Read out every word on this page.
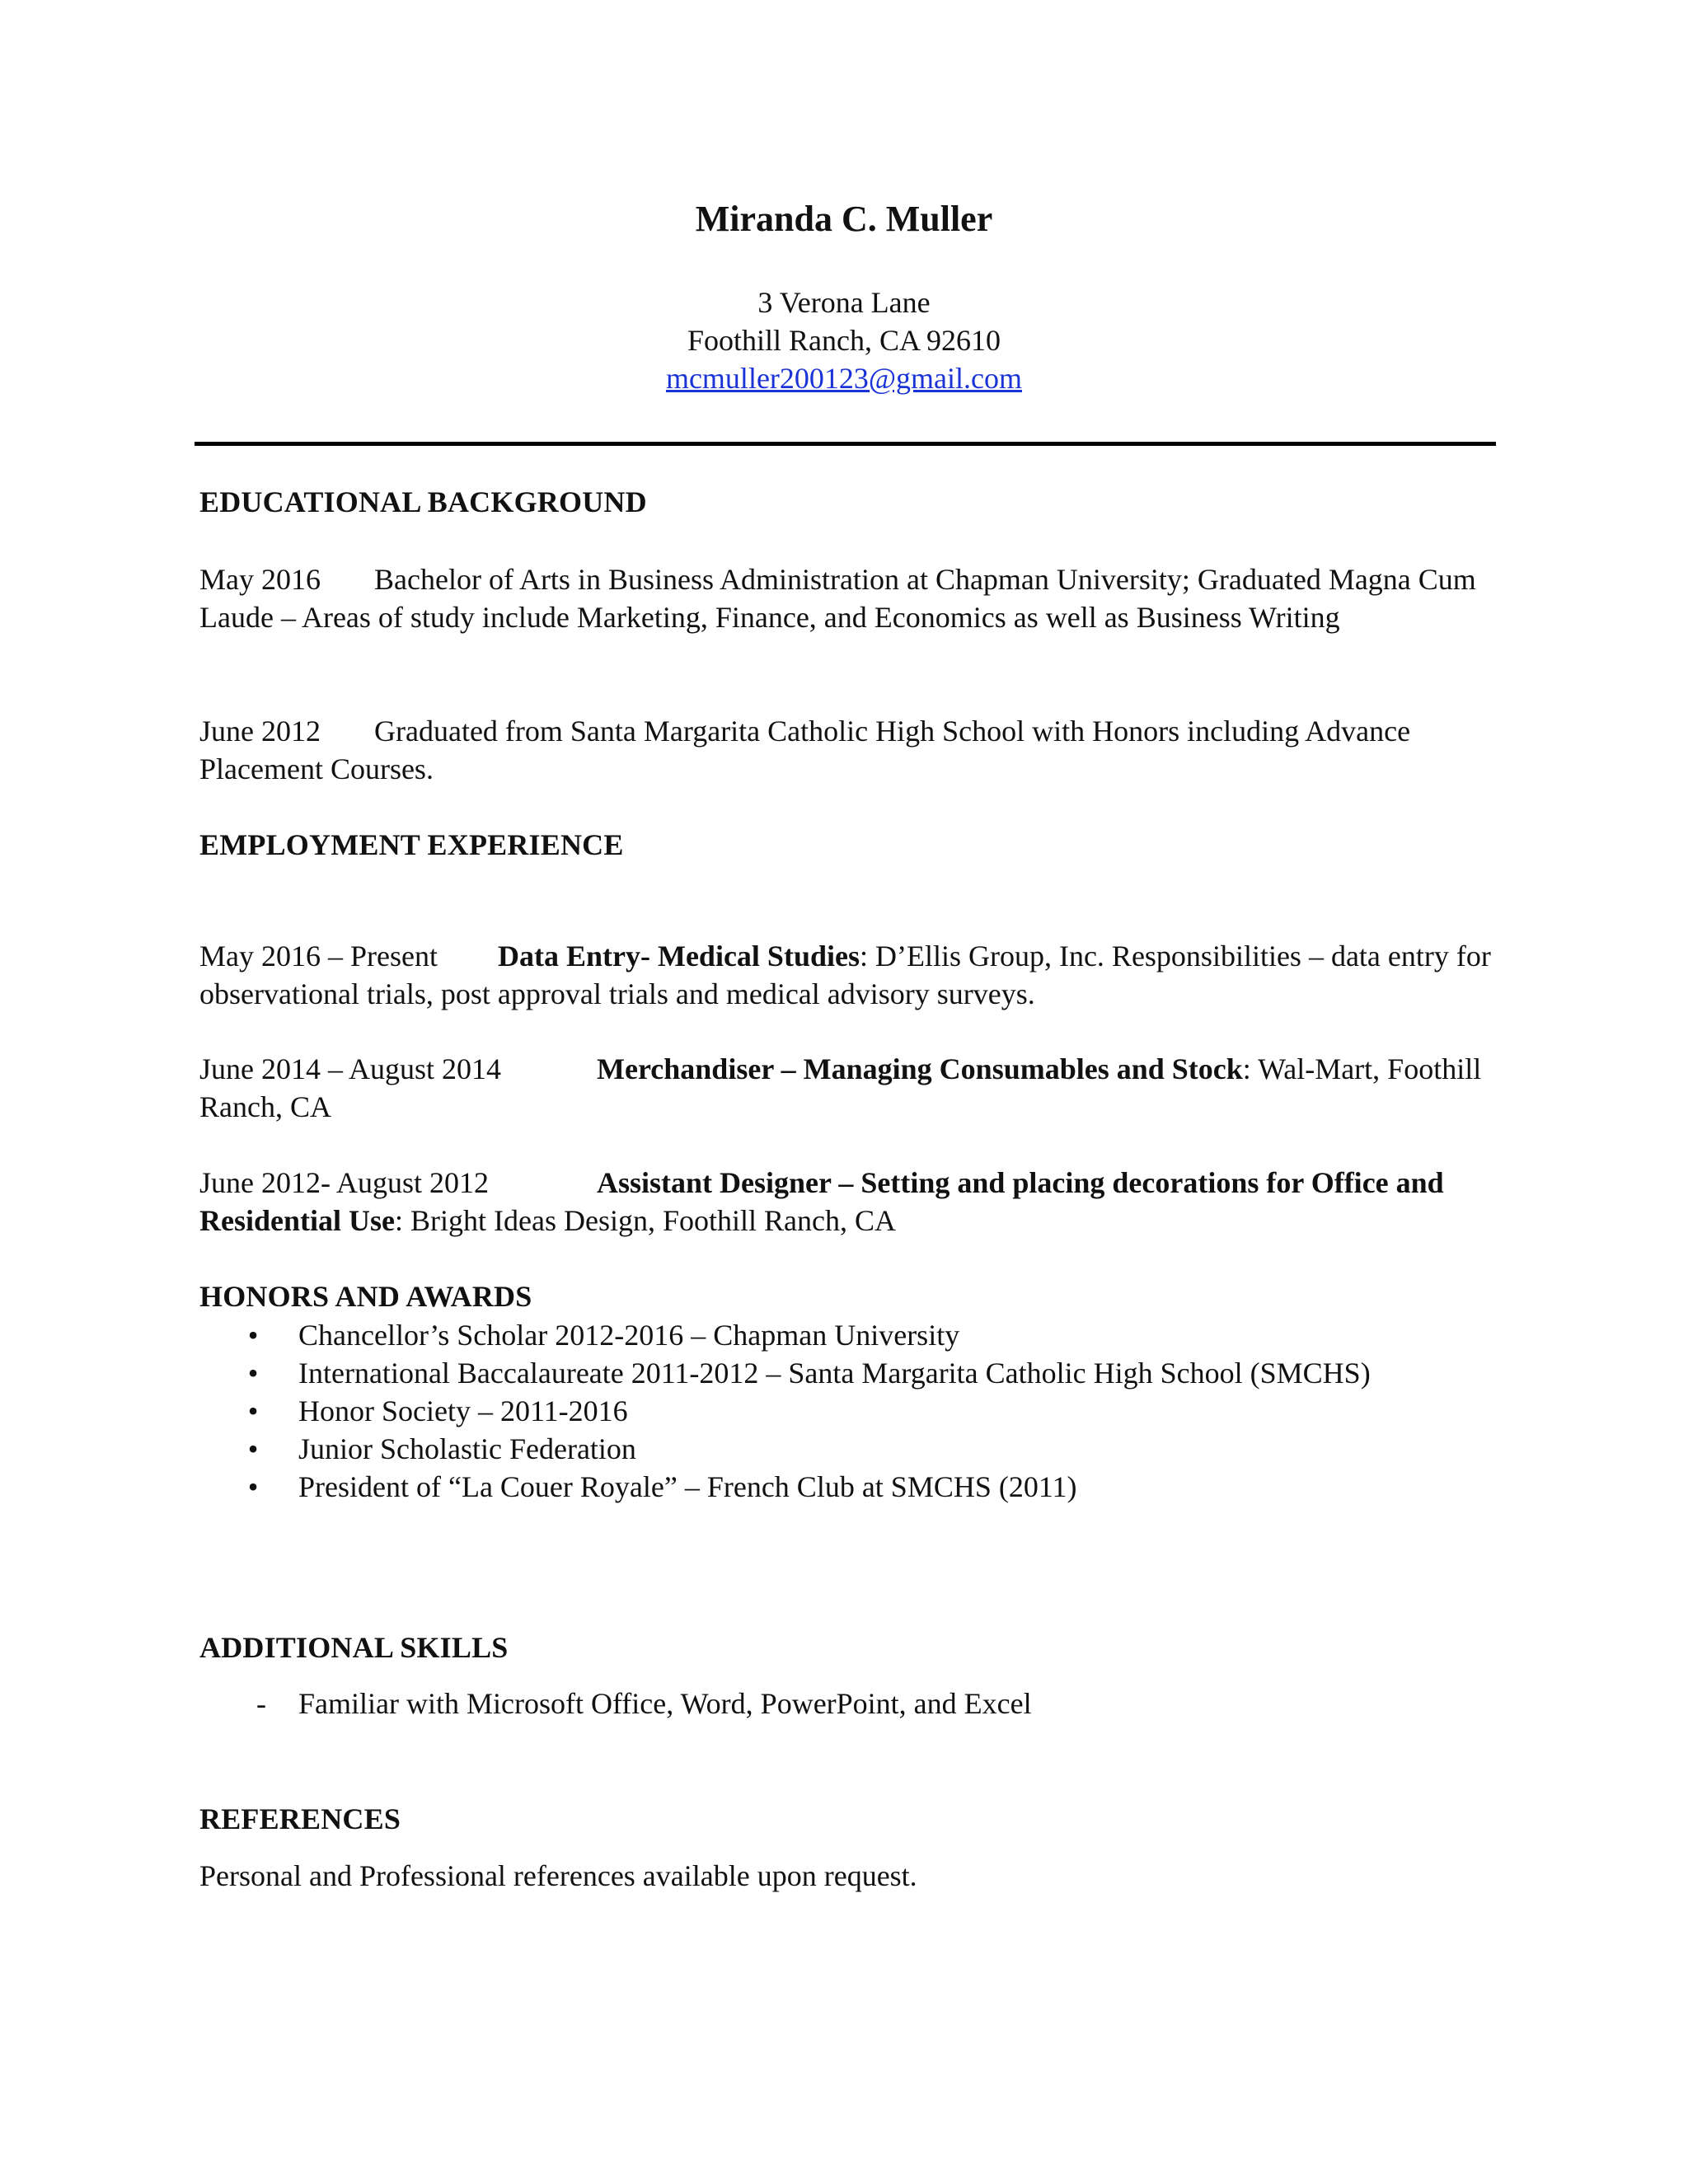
Miranda C. Muller
3 Verona Lane
Foothill Ranch, CA 92610
mcmuller200123@gmail.com
EDUCATIONAL BACKGROUND
May 2016 Bachelor of Arts in Business Administration at Chapman University; Graduated Magna Cum Laude – Areas of study include Marketing, Finance, and Economics as well as Business Writing
June 2012 Graduated from Santa Margarita Catholic High School with Honors including Advance Placement Courses.
EMPLOYMENT EXPERIENCE
May 2016 – Present Data Entry- Medical Studies: D’Ellis Group, Inc. Responsibilities – data entry for observational trials, post approval trials and medical advisory surveys.
June 2014 – August 2014	Merchandiser – Managing Consumables and Stock: Wal-Mart, Foothill Ranch, CA
June 2012- August 2012	Assistant Designer – Setting and placing decorations for Office and Residential Use: Bright Ideas Design, Foothill Ranch, CA
HONORS AND AWARDS
• Chancellor’s Scholar 2012-2016 – Chapman University
• International Baccalaureate 2011-2012 – Santa Margarita Catholic High School (SMCHS)
• Honor Society – 2011-2016
• Junior Scholastic Federation
• President of “La Couer Royale” – French Club at SMCHS (2011)
ADDITIONAL SKILLS
- Familiar with Microsoft Office, Word, PowerPoint, and Excel
REFERENCES
Personal and Professional references available upon request.
